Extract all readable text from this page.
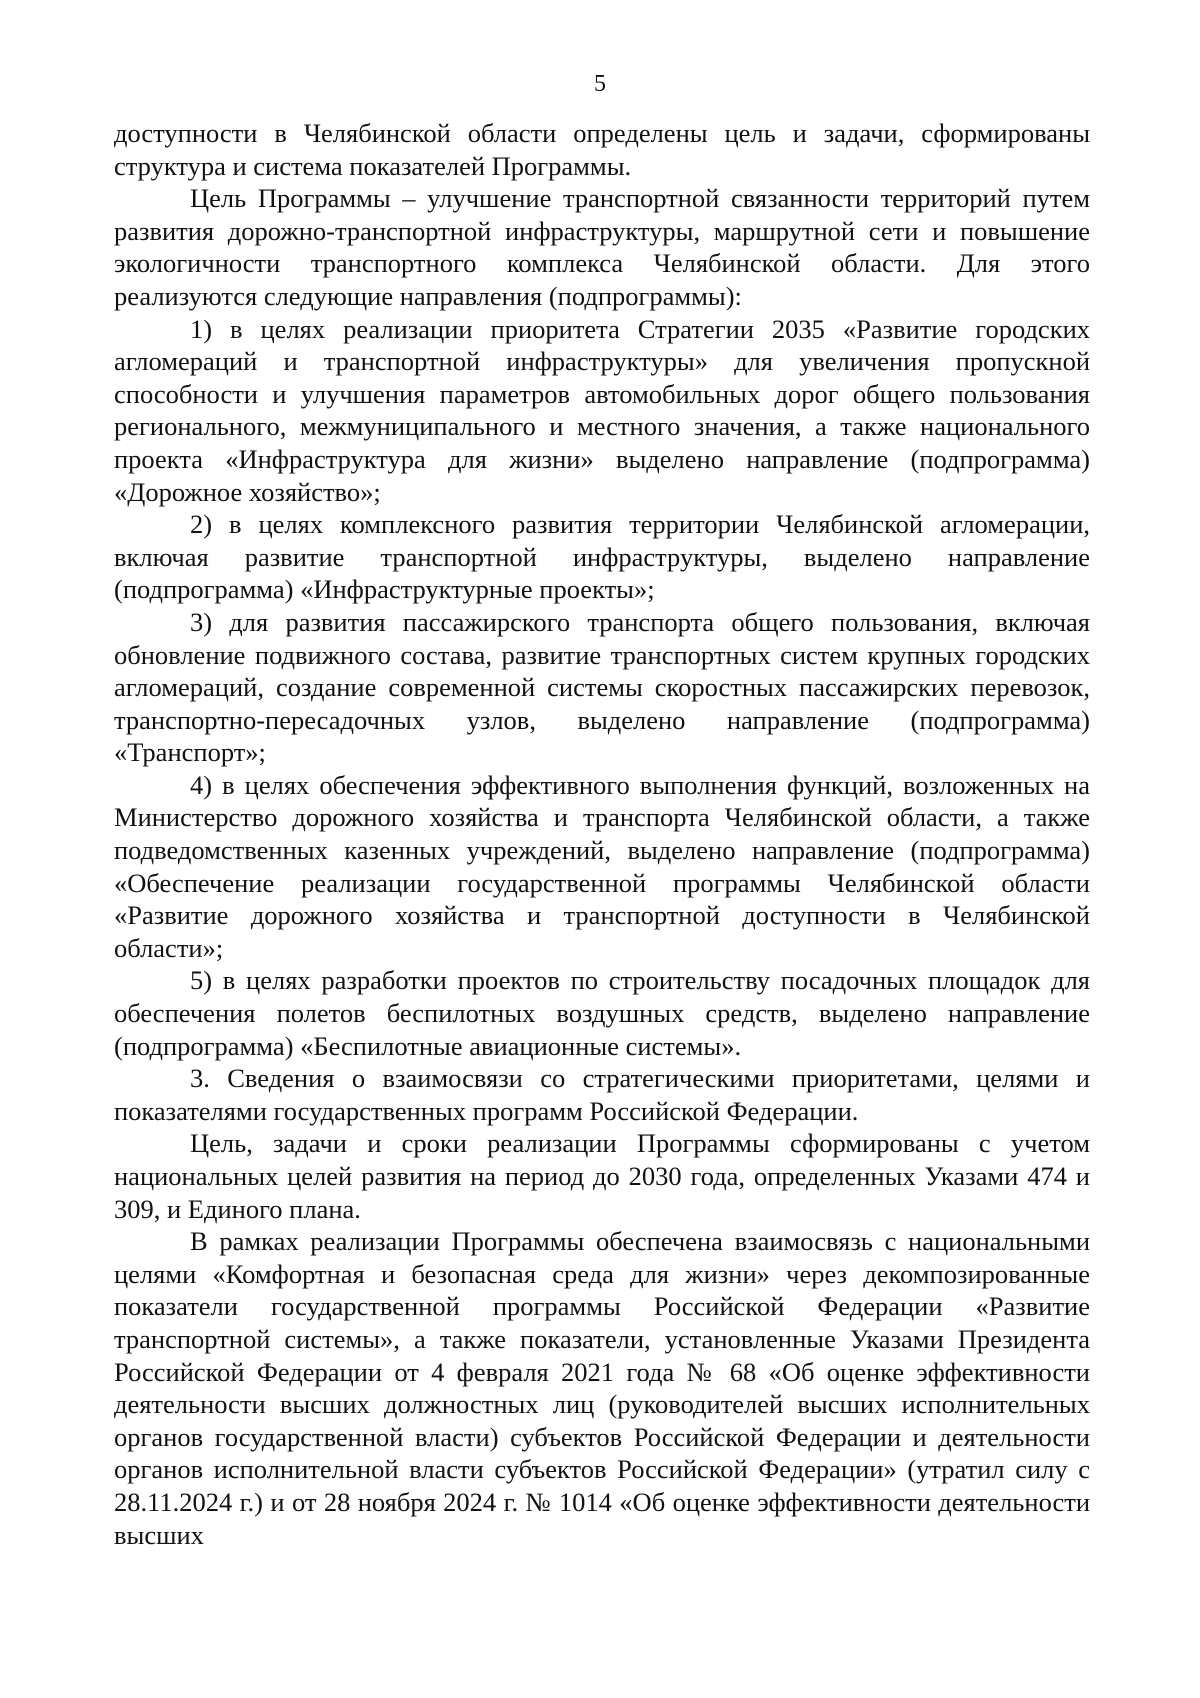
5

доступности в Челябинской области определены цель и задачи, сформированы структура и система показателей Программы.

Цель Программы – улучшение транспортной связанности территорий путем развития дорожно-транспортной инфраструктуры, маршрутной сети и повышение экологичности транспортного комплекса Челябинской области. Для этого реализуются следующие направления (подпрограммы):

1) в целях реализации приоритета Стратегии 2035 «Развитие городских агломераций и транспортной инфраструктуры» для увеличения пропускной способности и улучшения параметров автомобильных дорог общего пользования регионального, межмуниципального и местного значения, а также национального проекта «Инфраструктура для жизни» выделено направление (подпрограмма) «Дорожное хозяйство»;

2) в целях комплексного развития территории Челябинской агломерации, включая развитие транспортной инфраструктуры, выделено направление (подпрограмма) «Инфраструктурные проекты»;

3) для развития пассажирского транспорта общего пользования, включая обновление подвижного состава, развитие транспортных систем крупных городских агломераций, создание современной системы скоростных пассажирских перевозок, транспортно-пересадочных узлов, выделено направление (подпрограмма) «Транспорт»;

4) в целях обеспечения эффективного выполнения функций, возложенных на Министерство дорожного хозяйства и транспорта Челябинской области, а также подведомственных казенных учреждений, выделено направление (подпрограмма) «Обеспечение реализации государственной программы Челябинской области «Развитие дорожного хозяйства и транспортной доступности в Челябинской области»;

5) в целях разработки проектов по строительству посадочных площадок для обеспечения полетов беспилотных воздушных средств, выделено направление (подпрограмма) «Беспилотные авиационные системы».

3. Сведения о взаимосвязи со стратегическими приоритетами, целями и показателями государственных программ Российской Федерации.

Цель, задачи и сроки реализации Программы сформированы с учетом национальных целей развития на период до 2030 года, определенных Указами 474 и 309, и Единого плана.

В рамках реализации Программы обеспечена взаимосвязь с национальными целями «Комфортная и безопасная среда для жизни» через декомпозированные показатели государственной программы Российской Федерации «Развитие транспортной системы», а также показатели, установленные Указами Президента Российской Федерации от 4 февраля 2021 года № 68 «Об оценке эффективности деятельности высших должностных лиц (руководителей высших исполнительных органов государственной власти) субъектов Российской Федерации и деятельности органов исполнительной власти субъектов Российской Федерации» (утратил силу с 28.11.2024 г.) и от 28 ноября 2024 г. № 1014 «Об оценке эффективности деятельности высших
